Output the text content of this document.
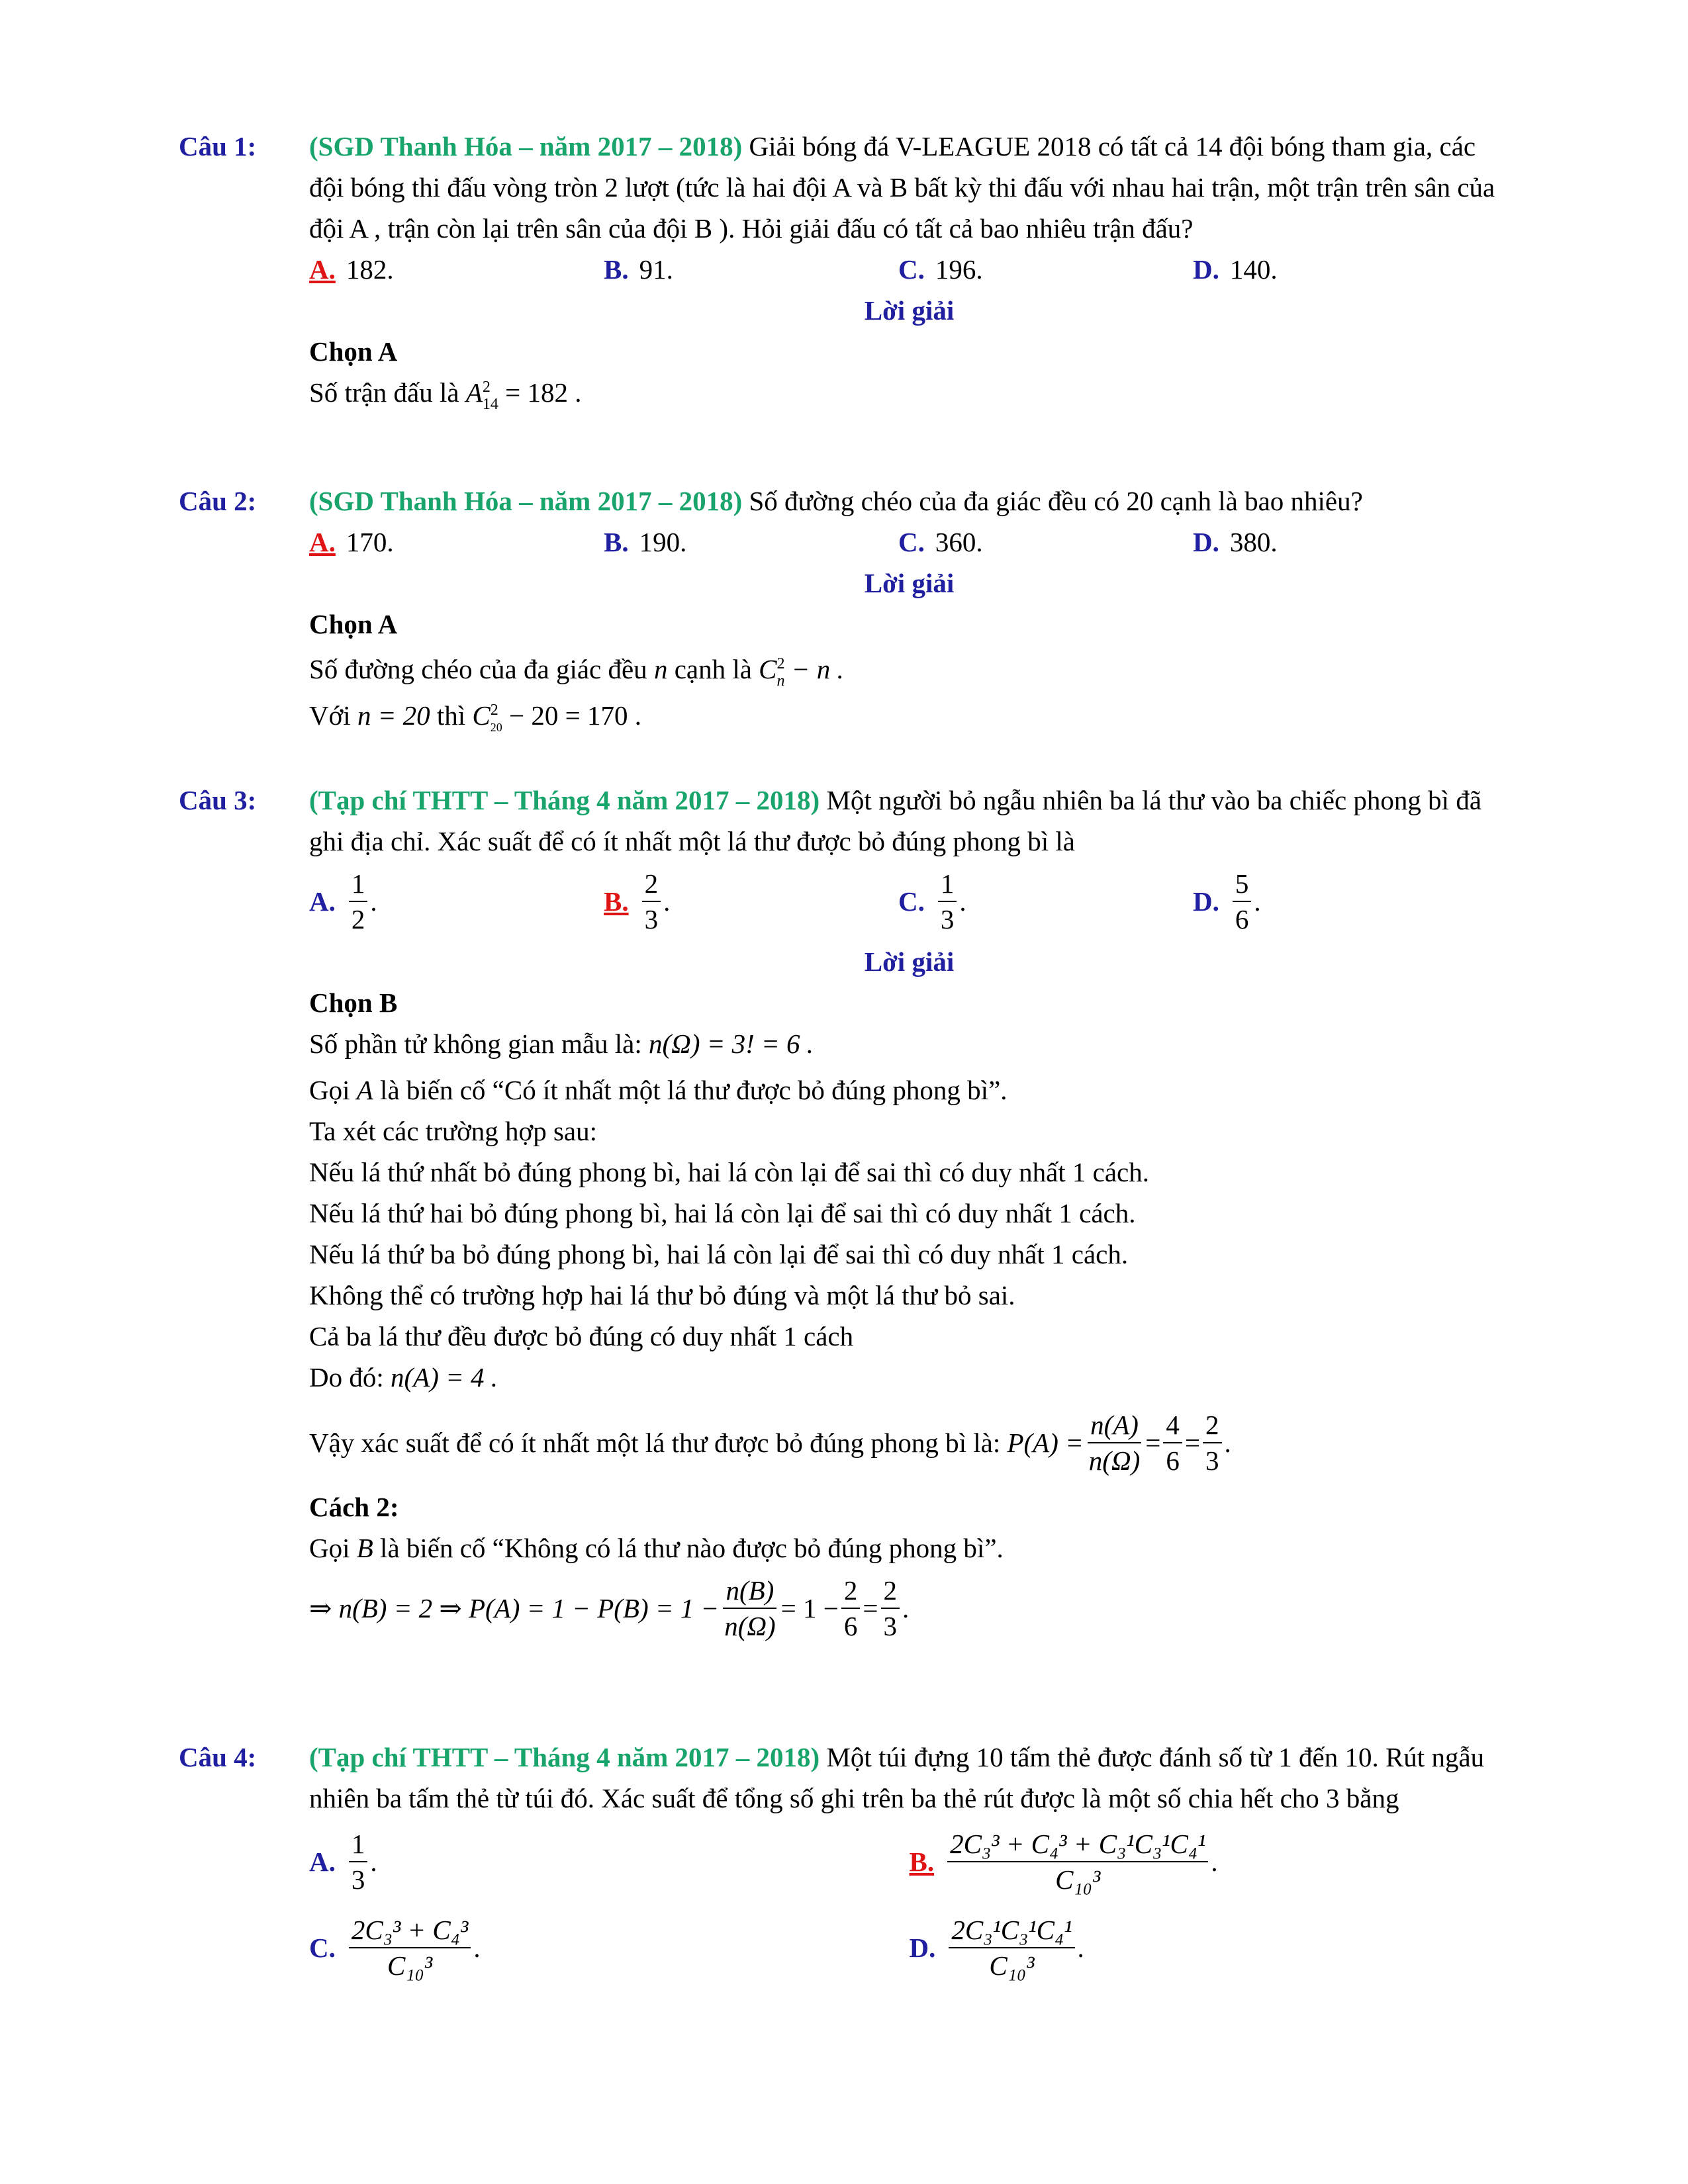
Câu 1: (SGD Thanh Hóa – năm 2017 – 2018) Giải bóng đá V-LEAGUE 2018 có tất cả 14 đội bóng tham gia, các đội bóng thi đấu vòng tròn 2 lượt (tức là hai đội A và B bất kỳ thi đấu với nhau hai trận, một trận trên sân của đội A , trận còn lại trên sân của đội B ). Hỏi giải đấu có tất cả bao nhiêu trận đấu?
A. 182.	B. 91.	C. 196.	D. 140.
Lời giải
Chọn A
Số trận đấu là A 2
14 = 182 .
Câu 2: (SGD Thanh Hóa – năm 2017 – 2018) Số đường chéo của đa giác đều có 20 cạnh là bao nhiêu?
A. 170.	B. 190.	C. 360.	D. 380.
Lời giải
Chọn A
Số đường chéo của đa giác đều n cạnh là C 2
n − n .
Với n = 20 thì C 2
20 − 20 = 170 .
Câu 3: (Tạp chí THTT – Tháng 4 năm 2017 – 2018) Một người bỏ ngẫu nhiên ba lá thư vào ba chiếc phong bì đã ghi địa chỉ. Xác suất để có ít nhất một lá thư được bỏ đúng phong bì là
A. $\frac{1}{2}$ .	B. $\frac{2}{3}$ .	C. $\frac{1}{3}$ .	D. $\frac{5}{6}$ .
Lời giải
Chọn B
Số phần tử không gian mẫu là: n(Ω) = 3! = 6 .
Gọi A là biến cố “Có ít nhất một lá thư được bỏ đúng phong bì”.
Ta xét các trường hợp sau:
Nếu lá thứ nhất bỏ đúng phong bì, hai lá còn lại để sai thì có duy nhất 1 cách.
Nếu lá thứ hai bỏ đúng phong bì, hai lá còn lại để sai thì có duy nhất 1 cách.
Nếu lá thứ ba bỏ đúng phong bì, hai lá còn lại để sai thì có duy nhất 1 cách.
Không thể có trường hợp hai lá thư bỏ đúng và một lá thư bỏ sai.
Cả ba lá thư đều được bỏ đúng có duy nhất 1 cách
Do đó: n(A) = 4 .
Vậy xác suất để có ít nhất một lá thư được bỏ đúng phong bì là:
$P(A) = \frac{n(A)}{n(\Omega)} = \frac{4}{6} = \frac{2}{3}$ .
Cách 2:
Gọi B là biến cố “Không có lá thư nào được bỏ đúng phong bì”.
⇒ n(B) = 2 ⇒ $P(A) = 1 - P(B) = 1 - \frac{n(B)}{n(\Omega)} = 1 - \frac{2}{6} = \frac{2}{3}$ .
Câu 4: (Tạp chí THTT – Tháng 4 năm 2017 – 2018) Một túi đựng 10 tấm thẻ được đánh số từ 1 đến 10. Rút ngẫu nhiên ba tấm thẻ từ túi đó. Xác suất để tổng số ghi trên ba thẻ rút được là một số chia hết cho 3 bằng
A. $\frac{1}{3}$ .	B. $\frac{\text{2C₃³ + C₄³ + C₃¹C₃¹C₄¹}}{\text{C₁₀³}}$ .
C. $\frac{\text{2C₃³ + C₄³}}{\text{C₁₀³}}$ .	D. $\frac{\text{2C₃¹C₃¹C₄¹}}{\text{C₁₀³}}$ .
